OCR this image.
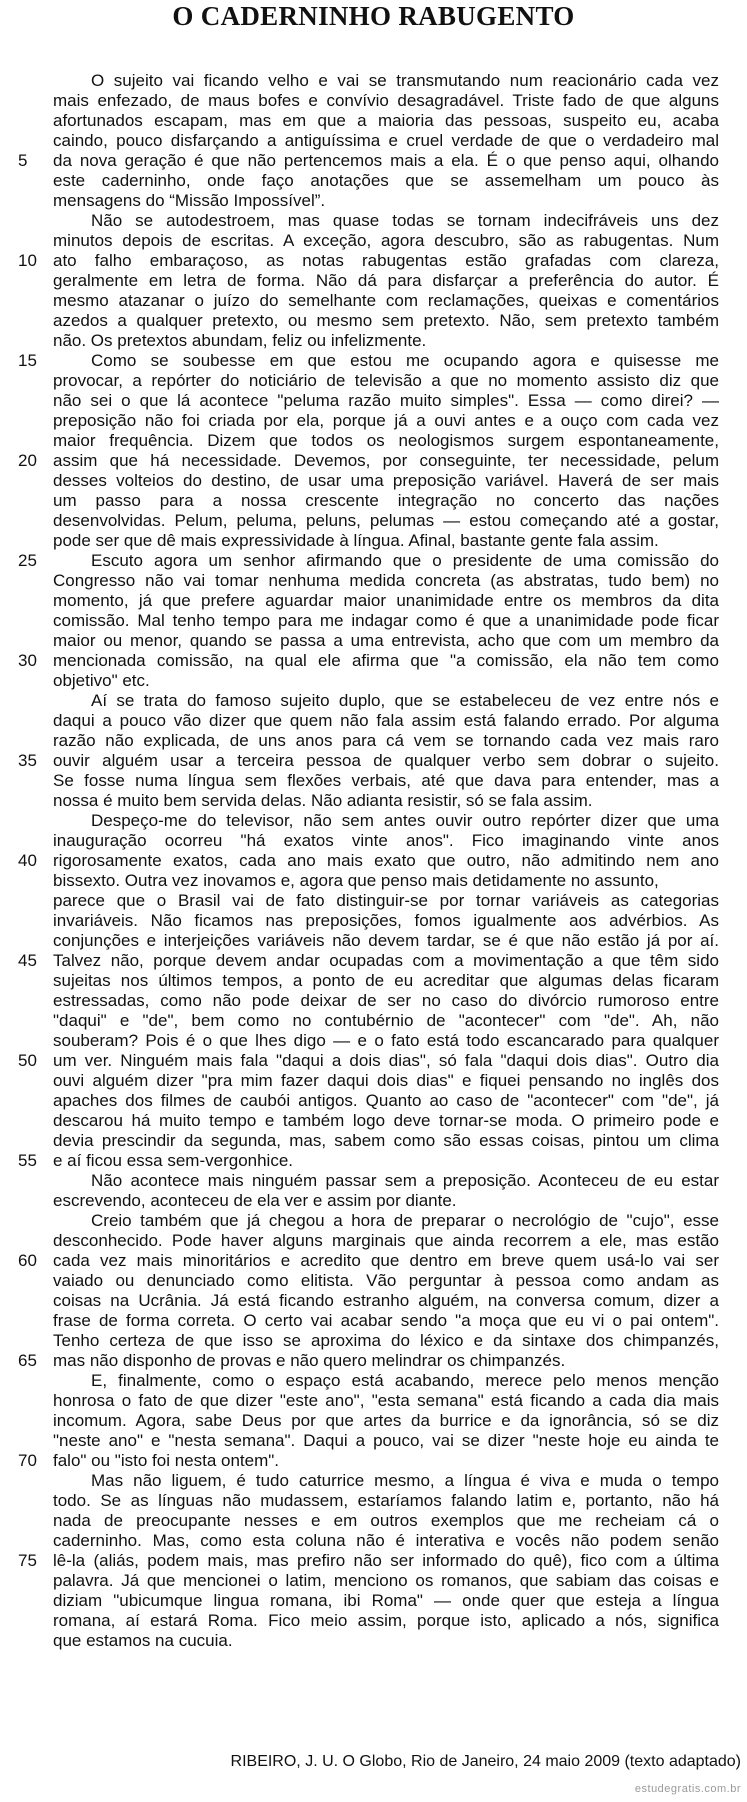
O CADERNINHO RABUGENTO
O sujeito vai ficando velho e vai se transmutando num reacionário cada vez
mais enfezado, de maus bofes e convívio desagradável. Triste fado de que alguns
afortunados escapam, mas em que a maioria das pessoas, suspeito eu, acaba
caindo, pouco disfarçando a antiguíssima e cruel verdade de que o verdadeiro mal
5	da nova geração é que não pertencemos mais a ela. É o que penso aqui, olhando
este caderninho, onde faço anotações que se assemelham um pouco às
mensagens do “Missão Impossível”.
Não se autodestroem, mas quase todas se tornam indecifráveis uns dez
minutos depois de escritas. A exceção, agora descubro, são as rabugentas. Num
10 ato falho embaraçoso, as notas rabugentas estão grafadas com clareza,
geralmente em letra de forma. Não dá para disfarçar a preferência do autor. É
mesmo atazanar o juízo do semelhante com reclamações, queixas e comentários
azedos a qualquer pretexto, ou mesmo sem pretexto. Não, sem pretexto também
não. Os pretextos abundam, feliz ou infelizmente.
15	Como se soubesse em que estou me ocupando agora e quisesse me
provocar, a repórter do noticiário de televisão a que no momento assisto diz que
não sei o que lá acontece "peluma razão muito simples". Essa — como direi? —
preposição não foi criada por ela, porque já a ouvi antes e a ouço com cada vez
maior frequência. Dizem que todos os neologismos surgem espontaneamente,
20 assim que há necessidade. Devemos, por conseguinte, ter necessidade, pelum
desses volteios do destino, de usar uma preposição variável. Haverá de ser mais
um passo para a nossa crescente integração no concerto das nações
desenvolvidas. Pelum, peluma, peluns, pelumas — estou começando até a gostar,
pode ser que dê mais expressividade à língua. Afinal, bastante gente fala assim.
25	Escuto agora um senhor afirmando que o presidente de uma comissão do
Congresso não vai tomar nenhuma medida concreta (as abstratas, tudo bem) no
momento, já que prefere aguardar maior unanimidade entre os membros da dita
comissão. Mal tenho tempo para me indagar como é que a unanimidade pode ficar
maior ou menor, quando se passa a uma entrevista, acho que com um membro da
30 mencionada comissão, na qual ele afirma que "a comissão, ela não tem como
objetivo" etc.
Aí se trata do famoso sujeito duplo, que se estabeleceu de vez entre nós e
daqui a pouco vão dizer que quem não fala assim está falando errado. Por alguma
razão não explicada, de uns anos para cá vem se tornando cada vez mais raro
35 ouvir alguém usar a terceira pessoa de qualquer verbo sem dobrar o sujeito.
Se fosse numa língua sem flexões verbais, até que dava para entender, mas a
nossa é muito bem servida delas. Não adianta resistir, só se fala assim.
Despeço-me do televisor, não sem antes ouvir outro repórter dizer que uma
inauguração ocorreu "há exatos vinte anos". Fico imaginando vinte anos
40 rigorosamente exatos, cada ano mais exato que outro, não admitindo nem ano
bissexto. Outra vez inovamos e, agora que penso mais detidamente no assunto,
parece que o Brasil vai de fato distinguir-se por tornar variáveis as categorias
invariáveis. Não ficamos nas preposições, fomos igualmente aos advérbios. As
conjunções e interjeições variáveis não devem tardar, se é que não estão já por aí.
45 Talvez não, porque devem andar ocupadas com a movimentação a que têm sido
sujeitas nos últimos tempos, a ponto de eu acreditar que algumas delas ficaram
estressadas, como não pode deixar de ser no caso do divórcio rumoroso entre
"daqui" e "de", bem como no contubérnio de "acontecer" com "de". Ah, não
souberam? Pois é o que lhes digo — e o fato está todo escancarado para qualquer
50 um ver. Ninguém mais fala "daqui a dois dias", só fala "daqui dois dias". Outro dia
ouvi alguém dizer "pra mim fazer daqui dois dias" e fiquei pensando no inglês dos
apaches dos filmes de caubói antigos. Quanto ao caso de "acontecer" com "de", já
descarou há muito tempo e também logo deve tornar-se moda. O primeiro pode e
devia prescindir da segunda, mas, sabem como são essas coisas, pintou um clima
55 e aí ficou essa sem-vergonhice.
Não acontece mais ninguém passar sem a preposição. Aconteceu de eu estar
escrevendo, aconteceu de ela ver e assim por diante.
Creio também que já chegou a hora de preparar o necrológio de "cujo", esse
desconhecido. Pode haver alguns marginais que ainda recorrem a ele, mas estão
60 cada vez mais minoritários e acredito que dentro em breve quem usá-lo vai ser
vaiado ou denunciado como elitista. Vão perguntar à pessoa como andam as
coisas na Ucrânia. Já está ficando estranho alguém, na conversa comum, dizer a
frase de forma correta. O certo vai acabar sendo "a moça que eu vi o pai ontem".
Tenho certeza de que isso se aproxima do léxico e da sintaxe dos chimpanzés,
65 mas não disponho de provas e não quero melindrar os chimpanzés.
E, finalmente, como o espaço está acabando, merece pelo menos menção
honrosa o fato de que dizer "este ano", "esta semana" está ficando a cada dia mais
incomum. Agora, sabe Deus por que artes da burrice e da ignorância, só se diz
"neste ano" e "nesta semana". Daqui a pouco, vai se dizer "neste hoje eu ainda te
70 falo" ou "isto foi nesta ontem".
Mas não liguem, é tudo caturrice mesmo, a língua é viva e muda o tempo
todo. Se as línguas não mudassem, estaríamos falando latim e, portanto, não há
nada de preocupante nesses e em outros exemplos que me recheiam cá o
caderninho. Mas, como esta coluna não é interativa e vocês não podem senão
75 lê-la (aliás, podem mais, mas prefiro não ser informado do quê), fico com a última
palavra. Já que mencionei o latim, menciono os romanos, que sabiam das coisas e
diziam "ubicumque lingua romana, ibi Roma" — onde quer que esteja a língua
romana, aí estará Roma. Fico meio assim, porque isto, aplicado a nós, significa
que estamos na cucuia.
RIBEIRO, J. U. O Globo, Rio de Janeiro, 24 maio 2009 (texto adaptado)
estudegratis.com.br
